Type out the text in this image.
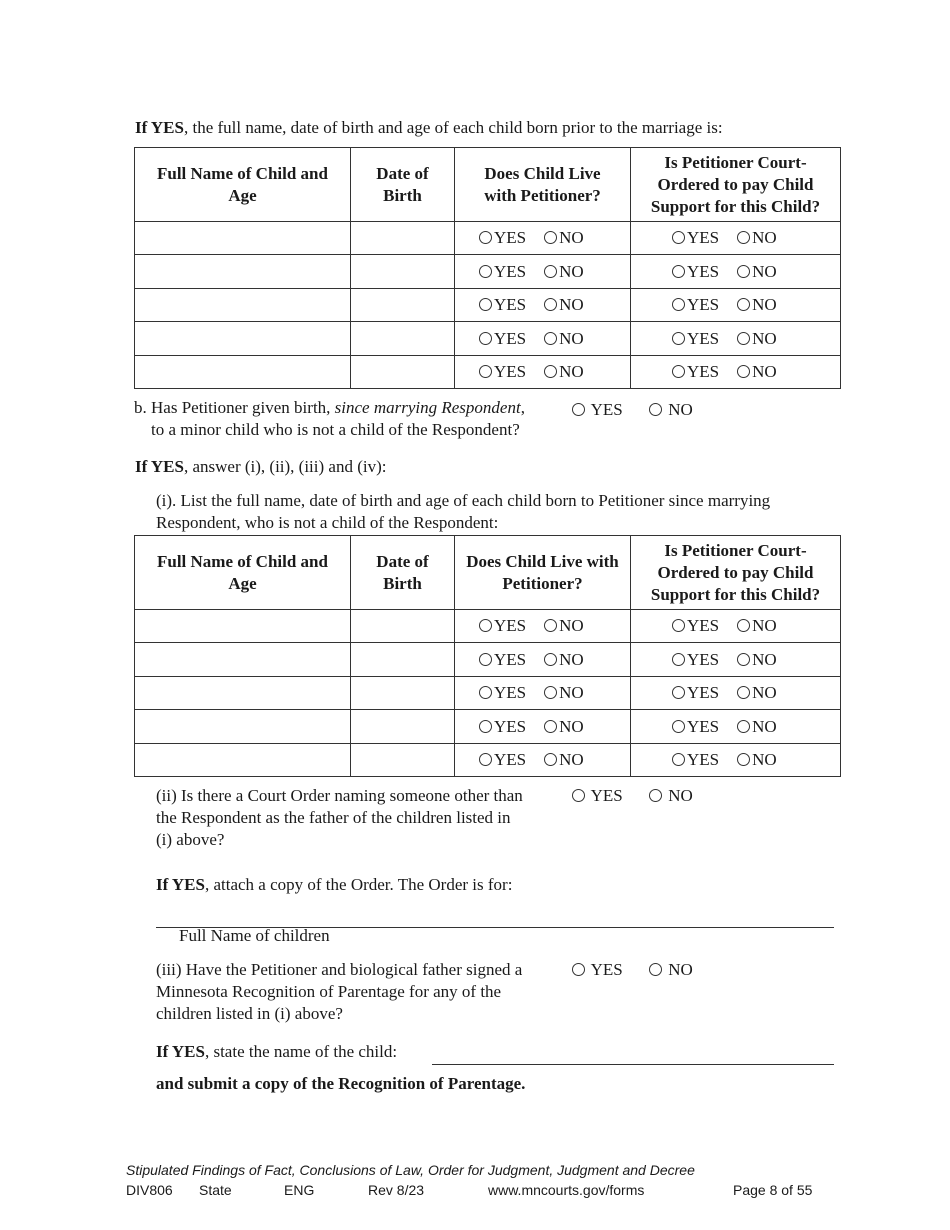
If YES, the full name, date of birth and age of each child born prior to the marriage is:
Full Name of Child and Age	Date of Birth	Does Child Live with Petitioner?	Is Petitioner Court-Ordered to pay Child Support for this Child?
		YES NO	YES NO
		YES NO	YES NO
		YES NO	YES NO
		YES NO	YES NO
		YES NO	YES NO
b. Has Petitioner given birth, since marrying Respondent,
to a minor child who is not a child of the Respondent?
YES	NO
If YES, answer (i), (ii), (iii) and (iv):
(i). List the full name, date of birth and age of each child born to Petitioner since marrying
Respondent, who is not a child of the Respondent:
Full Name of Child and Age	Date of Birth	Does Child Live with Petitioner?	Is Petitioner Court-Ordered to pay Child Support for this Child?
		YES NO	YES NO
		YES NO	YES NO
		YES NO	YES NO
		YES NO	YES NO
		YES NO	YES NO
(ii) Is there a Court Order naming someone other than
the Respondent as the father of the children listed in
(i) above?
YES	NO
If YES, attach a copy of the Order. The Order is for:
Full Name of children
(iii) Have the Petitioner and biological father signed a
Minnesota Recognition of Parentage for any of the
children listed in (i) above?
YES	NO
If YES, state the name of the child:
and submit a copy of the Recognition of Parentage.
Stipulated Findings of Fact, Conclusions of Law, Order for Judgment, Judgment and Decree
DIV806 State	ENG	Rev 8/23	www.mncourts.gov/forms	Page 8 of 55
